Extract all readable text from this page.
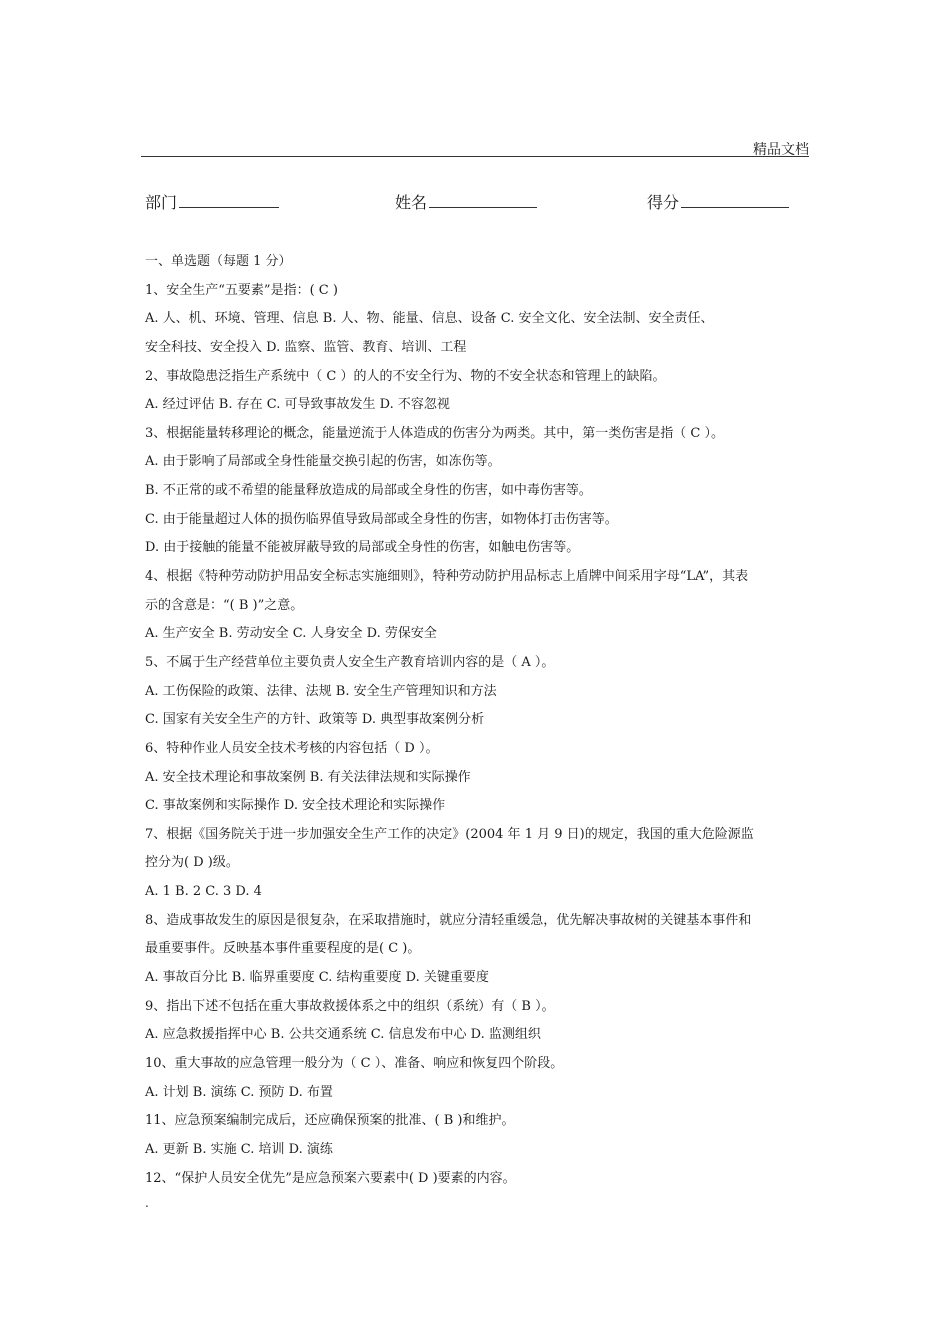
精品文档
部门	姓名	得分
一、单选题（每题 1 分）
1、安全生产“五要素”是指：( C )
A. 人、机、环境、管理、信息 B. 人、物、能量、信息、设备 C. 安全文化、安全法制、安全责任、
安全科技、安全投入 D. 监察、监管、教育、培训、工程
2、事故隐患泛指生产系统中（ C ）的人的不安全行为、物的不安全状态和管理上的缺陷。
A. 经过评估 B. 存在 C. 可导致事故发生 D. 不容忽视
3、根据能量转移理论的概念，能量逆流于人体造成的伤害分为两类。其中，第一类伤害是指（ C ）。
A. 由于影响了局部或全身性能量交换引起的伤害，如冻伤等。
B. 不正常的或不希望的能量释放造成的局部或全身性的伤害，如中毒伤害等。
C. 由于能量超过人体的损伤临界值导致局部或全身性的伤害，如物体打击伤害等。
D. 由于接触的能量不能被屏蔽导致的局部或全身性的伤害，如触电伤害等。
4、根据《特种劳动防护用品安全标志实施细则》，特种劳动防护用品标志上盾牌中间采用字母“LA”，其表
示的含意是：“( B )”之意。
A. 生产安全 B. 劳动安全 C. 人身安全 D. 劳保安全
5、不属于生产经营单位主要负责人安全生产教育培训内容的是（ A ）。
A. 工伤保险的政策、法律、法规 B. 安全生产管理知识和方法
C. 国家有关安全生产的方针、政策等 D. 典型事故案例分析
6、特种作业人员安全技术考核的内容包括（ D ）。
A. 安全技术理论和事故案例 B. 有关法律法规和实际操作
C. 事故案例和实际操作 D. 安全技术理论和实际操作
7、根据《国务院关于进一步加强安全生产工作的决定》(2004 年 1 月 9 日)的规定，我国的重大危险源监
控分为( D )级。
A. 1 B. 2 C. 3 D. 4
8、造成事故发生的原因是很复杂，在采取措施时，就应分清轻重缓急，优先解决事故树的关键基本事件和
最重要事件。反映基本事件重要程度的是( C )。
A. 事故百分比 B. 临界重要度 C. 结构重要度 D. 关键重要度
9、指出下述不包括在重大事故救援体系之中的组织（系统）有（ B ）。
A. 应急救援指挥中心 B. 公共交通系统 C. 信息发布中心 D. 监测组织
10、重大事故的应急管理一般分为（ C ）、准备、响应和恢复四个阶段。
A. 计划 B. 演练 C. 预防 D. 布置
11、应急预案编制完成后，还应确保预案的批准、( B )和维护。
A. 更新 B. 实施 C. 培训 D. 演练
12、“保护人员安全优先”是应急预案六要素中( D )要素的内容。
.
